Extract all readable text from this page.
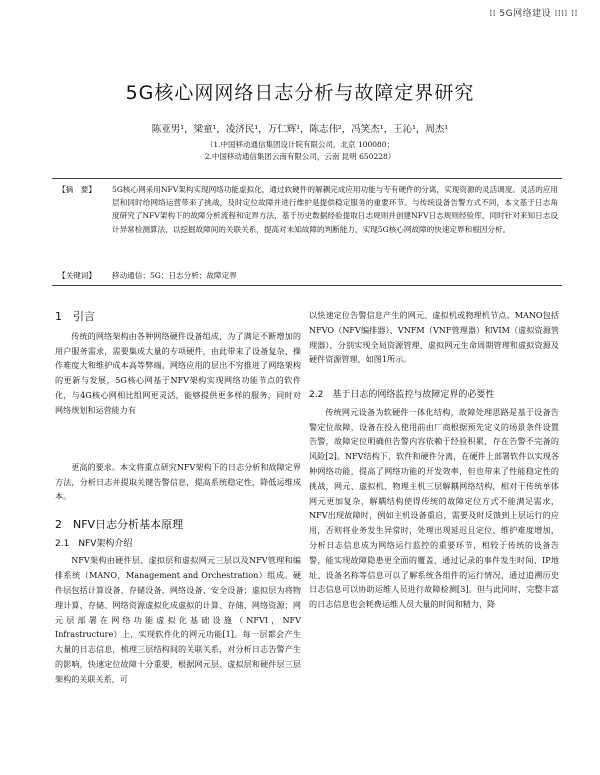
⁞⁞ 5G网络建设 ⁞⁞⁞⁞ ⁞⁞
5G核心网网络日志分析与故障定界研究
陈亚男¹，梁童¹，凌济民¹，万仁辉¹，陈志伟²，冯笑杰¹，王沁¹，周杰¹
（1.中国移动通信集团设计院有限公司，北京 100080；
2.中国移动通信集团云南有限公司，云南 昆明 650228）
【摘　要】 5G核心网采用NFV架构实现网络功能虚拟化，通过软硬件的解耦完成应用功能与专有硬件的分离，实现资源的灵活调度。灵活的应用层和同时给网络运营带来了挑战，及时定位故障并进行维护是提供稳定服务的重要环节。与传统设备告警方式不同，本文基于日志角度研究了NFV架构下的故障分析流程和定界方法，基于历史数据经验提取日志规则并创建NFV日志规则经验库，同时针对来知日志设计异常检测算法，以挖掘故障间的关联关系，提高对未知故障的判断能力，实现5G核心网故障的快速定界和根因分析。
【关键词】 移动通信；5G；日志分析；故障定界
1　引言

传统的网络架构由各种网络硬件设备组成，为了满足不断增加的用户服务需求，需要集成大量的专项硬件，由此带来了设备复杂、操作难度大和维护成本高等弊端。网络应用的层出不穷推进了网络架构的更新与发展，5G核心网基于NFV架构实现网络功能节点的软件化，与4G核心网相比组网更灵活，能够提供更多样的服务，同时对网络规划和运营能力有

更高的要求。本文将重点研究NFV架构下的日志分析和故障定界方法，分析日志并提取关键告警信息，提高系统稳定性，降低运维成本。

2　NFV日志分析基本原理
2.1　NFV架构介绍

NFV架构由硬件层、虚拟层和虚拟网元三层以及NFV管理和编排系统（MANO，Management and Orchestration）组成。硬件层包括计算设备、存储设备、网络设备、安全设备；虚拟层为将物理计算、存储、网络资源虚拟化成虚拟的计算、存储、网络资源；网元层部署在网络功能虚拟化基础设施（NFVI，NFV Infrastructure）上，实现软件化的网元功能[1]。每一层都会产生大量的日志信息，梳理三层结构间的关联关系，对分析日志告警产生的影响，快速定位故障十分重要，根据网元层、虚拟层和硬件层三层架构的关联关系，可

以快速定位告警信息产生的网元、虚拟机或物理机节点。MANO包括NFVO（NFV编排器）、VNFM（VNF管理器）和VIM（虚拟资源管理器），分别实现全局资源管理、虚拟网元生命周期管理和虚拟资源及硬件资源管理，如图1所示。

2.2　基于日志的网络监控与故障定界的必要性

传统网元设备为软硬件一体化结构，故障处理思路是基于设备告警定位故障，设备在投入使用前由厂商根据预先定义的场景条件设置告警，故障定位明确但告警内容依赖于经验积累，存在告警不完备的风险[2]。NFV结构下，软件和硬件分离，在硬件上部署软件以实现各种网络功能，提高了网络功能的开发效率，但也带来了性能稳定性的挑战，网元、虚拟机、物理主机三层解耦网络结构，相对于传统单体网元更加复杂，解耦结构使得传统的故障定位方式不能满足需求，NFV出现故障时，例如主机设备重启，需要及时反馈到上层运行的应用，否则将业务发生异常时，处理出现延迟且定位、维护难度增加，分析日志信息成为网络运行监控的重要环节，相较于传统的设备告警，能实现故障隐患更全面的覆盖，通过记录的事件发生时间、IP地址、设备名称等信息可以了解系统各组件的运行情况，通过追溯历史日志信息可以协助运维人员进行故障检测[3]。但与此同时，完整丰富的日志信息也会耗费运维人员大量的时间和精力，降
